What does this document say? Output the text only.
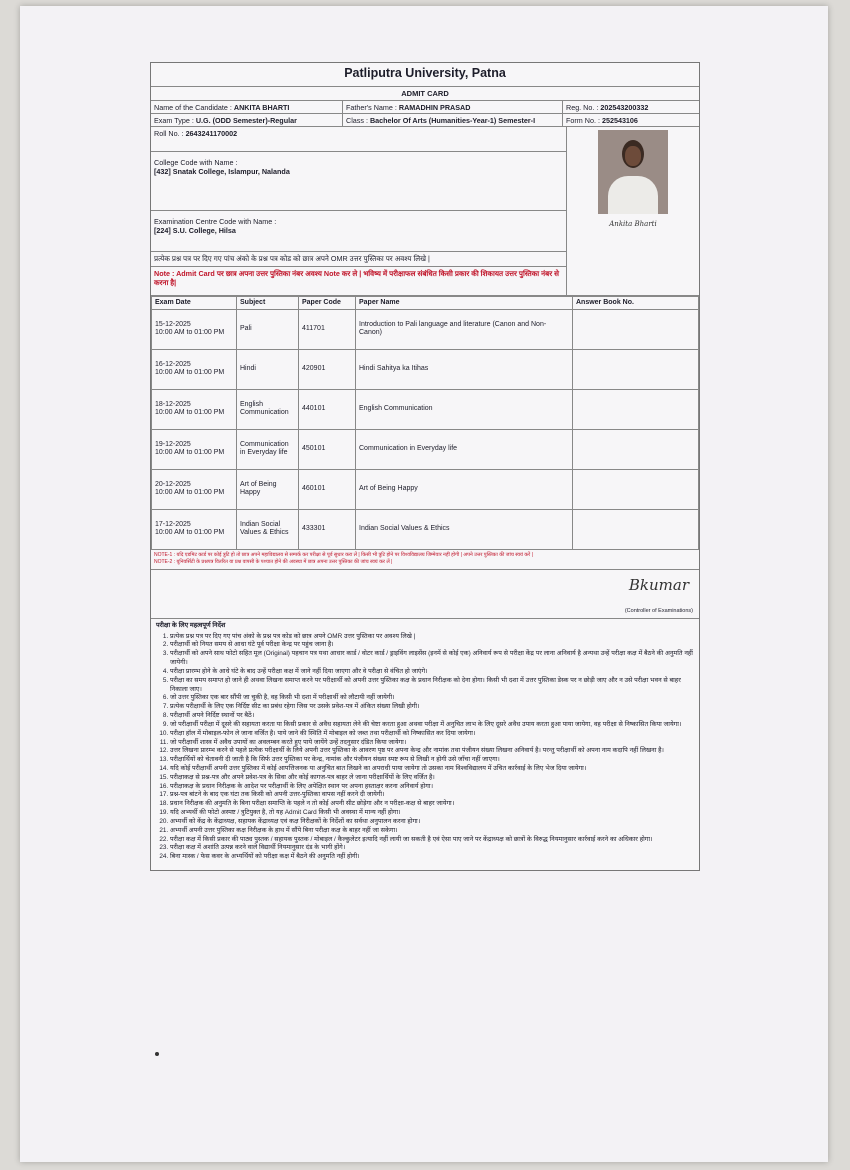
Patliputra University, Patna
ADMIT CARD
Name of the Candidate : ANKITA BHARTI	Father's Name : RAMADHIN PRASAD	Reg. No. : 202543200332
Exam Type : U.G. (ODD Semester)-Regular	Class : Bachelor Of Arts (Humanities-Year-1) Semester-I	Form No. : 252543106
Roll No. : 2643241170002
College Code with Name :
[432] Snatak College, Islampur, Nalanda
Examination Centre Code with Name :
[224] S.U. College, Hilsa
प्रत्येक प्रश्न पत्र पर दिए गए पांच अंको के प्रश्न पत्र कोड को छात्र अपने OMR उत्तर पुस्तिका पर अवश्य लिखे |
Note : Admit Card पर छात्र अपना उत्तर पुस्तिका नंबर अवश्य Note कर ले | भविष्य में परीक्षाफल संबंधित किसी प्रकार की शिकायत उत्तर पुस्तिका नंबर से करना है|
Ankita Bharti
Exam Date	Subject	Paper Code	Paper Name	Answer Book No.
15-12-2025
10:00 AM to 01:00 PM	Pali	411701	Introduction to Pali language and literature (Canon and Non-Canon)	
16-12-2025
10:00 AM to 01:00 PM	Hindi	420901	Hindi Sahitya ka Itihas	
18-12-2025
10:00 AM to 01:00 PM	English Communication	440101	English Communication	
19-12-2025
10:00 AM to 01:00 PM	Communication in Everyday life	450101	Communication in Everyday life	
20-12-2025
10:00 AM to 01:00 PM	Art of Being Happy	460101	Art of Being Happy	
17-12-2025
10:00 AM to 01:00 PM	Indian Social Values & Ethics	433301	Indian Social Values & Ethics	
NOTE-1 : यदि एडमिट कार्ड पर कोई त्रुटि हो तो छात्र अपने महाविद्यालय से सम्पर्क कर परीक्षा से पूर्व सुधार करा लें | किसी भी त्रुटि होने पर विश्वविद्यालय जिम्मेवार नहीं होगी | अपने उत्तर पुस्तिका की जांच स्वयं करें |
NOTE-2 : यूनिवर्सिटी के प्रश्नपत्र वितरित या प्रश्न वापसी के पश्चात होने की अवस्था में छात्र अपना उत्तर पुस्तिका की जांच स्वयं कर लें |
Bkumar
(Controller of Examinations)
परीक्षा के लिए महत्वपूर्ण निर्देश
1. प्रत्येक प्रश्न पत्र पर दिए गए पांच अंको के प्रश्न पत्र कोड को छात्र अपने OMR उत्तर पुस्तिका पर अवश्य लिखे |
2. परीक्षार्थी को नियत समय से आधा घंटे पूर्व परीक्षा केन्द्र पर पहुंच जाना है।
3. परीक्षार्थी को अपने साथ फोटो सहित मूल (Original) पहचान पत्र यथा आधार कार्ड / वोटर कार्ड / ड्राइविंग लाइसेंस (इनमें से कोई एक) अनिवार्य रूप से परीक्षा केंद्र पर लाना अनिवार्य है अन्यथा उन्हें परीक्षा कक्ष में बैठने की अनुमति नहीं जायेगी।
4. परीक्षा प्रारम्भ होने के आधे घंटे के बाद उन्हें परीक्षा कक्ष में जाने नहीं दिया जाएगा और वे परीक्षा से वंचित हो जाएंगे।
5. परीक्षा का समय समाप्त हो जाने ही अथवा लिखना समाप्त करने पर परीक्षार्थी को अपनी उत्तर पुस्तिका कक्ष के प्रधान निरीक्षक को देना होगा। किसी भी दशा में उत्तर पुस्तिका डेस्क पर न छोड़ी जाए और न उसे परीक्षा भवन से बाहर निकाला जाए।
6. जो उत्तर पुस्तिका एक बार सौंपी जा चुकी है, वह किसी भी दशा में परीक्षार्थी को लौटायी नहीं जायेगी।
7. प्रत्येक परीक्षार्थी के लिए एक निर्दिष्ट सीट का प्रबंध रहेगा जिस पर उसके प्रवेश-पत्र में अंकित संख्या लिखी होगी।
8. परीक्षार्थी अपने निर्दिष्ट स्थानों पर बैठें।
9. जो परीक्षार्थी परीक्षा में दूसरे की सहायता करता या किसी प्रकार से अवैध सहायता लेने की चेष्टा करता हुआ अथवा परीक्षा में अनुचित लाभ के लिए दूसरे अवैध उपाय करता हुआ पाया जायेगा, वह परीक्षा से निष्कासित किया जायेगा।
10. परीक्षा हॉल में मोबाइल-फोन ले जाना वर्जित है। पाये जाने की स्थिति में मोबाइल को जब्त तथा परीक्षार्थी को निष्कासित कर दिया जायेगा।
11. जो परीक्षार्थी शास्त्र में अवैध उपायों का अवलम्बन करते हुए पाये जायेंगे उन्हें तदनुसार दंडित किया जायेगा।
12. उत्तर लिखना प्रारम्भ करने से पहले प्रत्येक परीक्षार्थी के लिये अपनी उत्तर पुस्तिका के आवरण पृष्ठ पर अपना केन्द्र और नामांक तथा पंजीयन संख्या लिखना अनिवार्य है। परन्तु परीक्षार्थी को अपना नाम कदापि नहीं लिखना है।
13. परीक्षार्थियों को चेतावनी दी जाती है कि सिर्फ उत्तर पुस्तिका पर केन्द्र, नामांक और पंजीयन संख्या स्पष्ट रूप से लिखी न होगी उसे जाँचा नहीं जाएगा।
14. यदि कोई परीक्षार्थी अपनी उत्तर पुस्तिका में कोई आपत्तिजनक या अनुचित बात लिखने का अपराधी पाया जायेगा तो उसका नाम विश्वविद्यालय में उचित कार्रवाई के लिए भेज दिया जायेगा।
15. परीक्षाकक्ष से प्रश्न-पत्र और अपने प्रवेश-पत्र के सिवा और कोई कागज-पत्र बाहर ले जाना परीक्षार्थियों के लिए वर्जित है।
16. परीक्षाकक्ष के प्रधान निरीक्षक के आदेश पर परीक्षार्थी के लिए अपेक्षित स्थान पर अपना हस्ताक्षर करना अनिवार्य होगा।
17. प्रश्न-पत्र बांटने के बाद एक घंटा तक किसी को अपनी उत्तर-पुस्तिका वापस नहीं करने दी जायेगी।
18. प्रधान निरीक्षक की अनुमति के बिना परीक्षा समाप्ति के पहले न तो कोई अपनी सीट छोड़ेगा और न परीक्षा-कक्ष से बाहर जायेगा।
19. यदि अभ्यर्थी की फोटो अस्पष्ट / त्रुटियुक्त है, तो यह Admit Card किसी भी अवस्था में मान्य नहीं होगा।
20. अभ्यर्थी को केंद्र के केंद्राध्यक्ष, सहायक केंद्राध्यक्ष एवं कक्ष निरीक्षकों के निर्देशों का सर्वथा अनुपालन करना होगा।
21. अभ्यर्थी अपनी उत्तर पुस्तिका कक्ष निरीक्षक के हाथ में सौंपे बिना परीक्षा कक्ष के बाहर नहीं जा सकेगा।
22. परीक्षा कक्ष में किसी प्रकार की पाठ्य पुस्तक / सहायक पुस्तक / मोबाइल / कैल्कुलेटर इत्यादि नहीं लायी जा सकती है एवं ऐसा पाए जाने पर केंद्राध्यक्ष को छात्रों के विरुद्ध नियमानुसार कार्रवाई करने का अधिकार होगा।
23. परीक्षा कक्ष में अशांति उत्पन्न करने वाले विद्यार्थी नियमानुसार दंड के भागी होंगे।
24. बिना मास्क / फेस कवर के अभ्यर्थियों को परीक्षा कक्ष में बैठने की अनुमति नहीं होगी।
